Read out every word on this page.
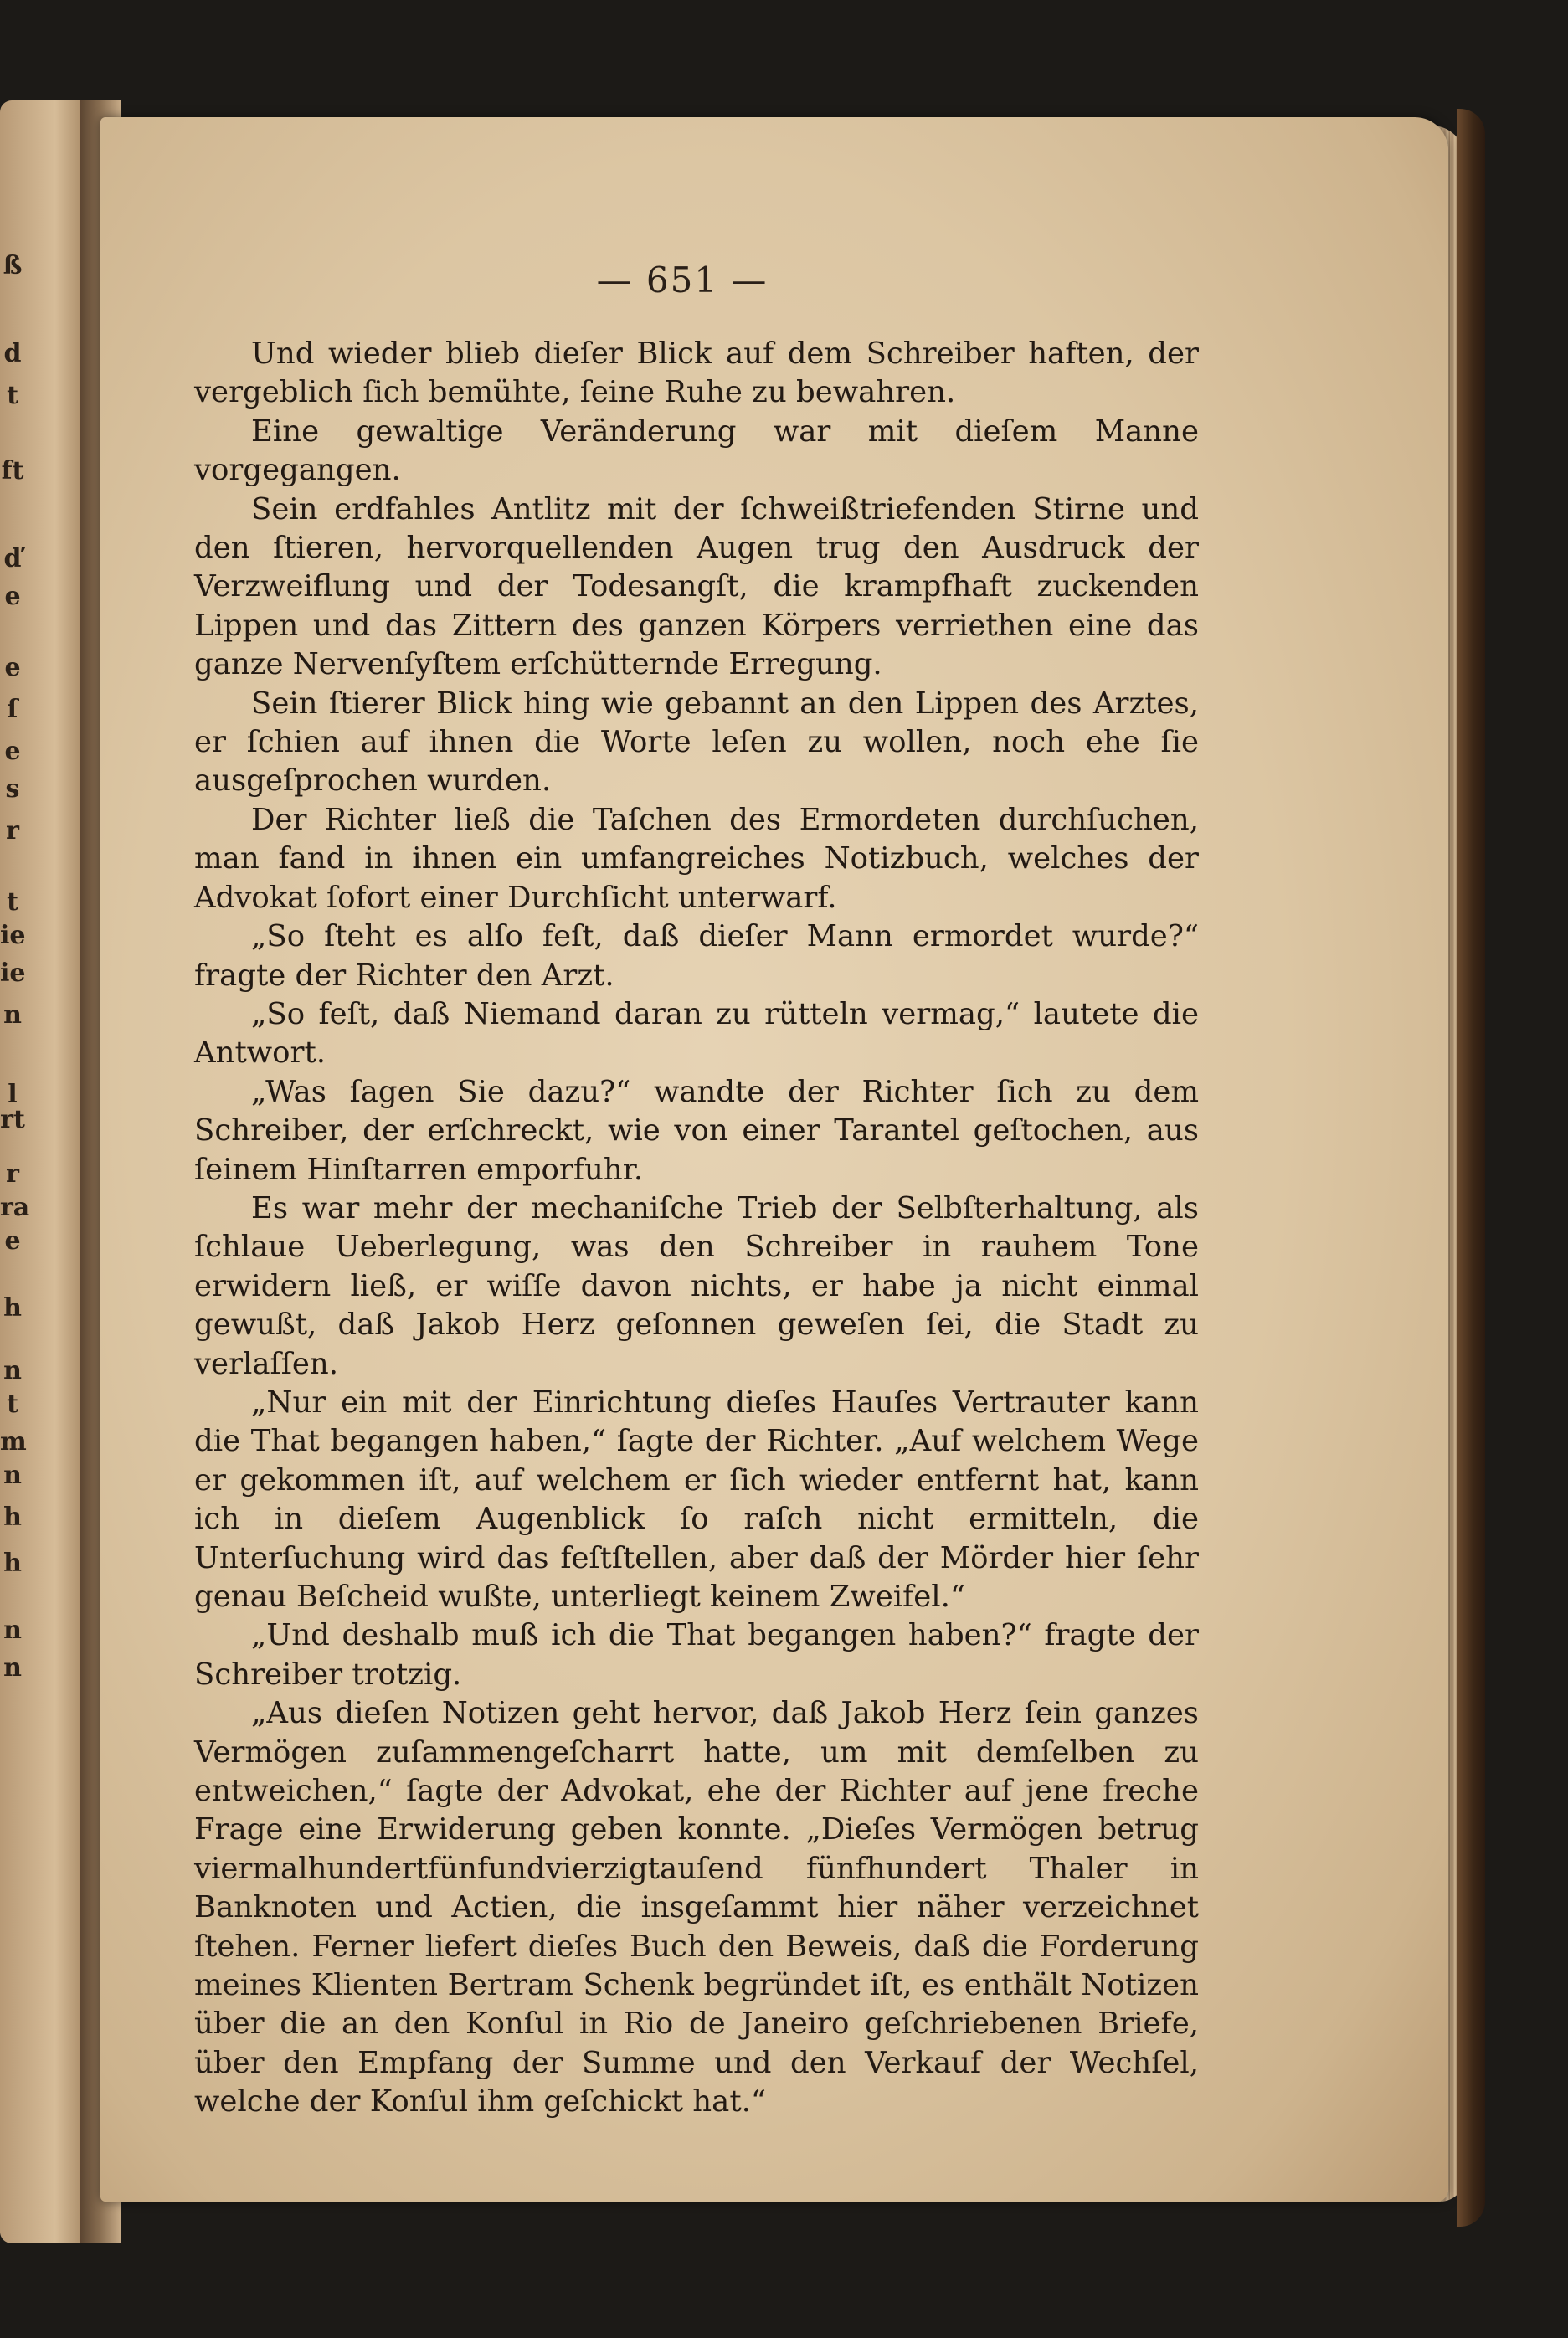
ß
d
t
ft
ď
e
e
ſ
e
s
r
t
ie
ie
n
l
rt
r
ra
e
h
n
t
m
n
h
h
n
n
— 651 —

Und wieder blieb dieſer Blick auf dem Schreiber haften, der vergeblich ſich bemühte, ſeine Ruhe zu bewahren.

Eine gewaltige Veränderung war mit dieſem Manne vorgegangen.

Sein erdfahles Antlitz mit der ſchweißtriefenden Stirne und den ſtieren, hervorquellenden Augen trug den Ausdruck der Verzweiflung und der Todesangſt, die krampfhaft zuckenden Lippen und das Zittern des ganzen Körpers verriethen eine das ganze Nervenſyſtem erſchütternde Erregung.

Sein ſtierer Blick hing wie gebannt an den Lippen des Arztes, er ſchien auf ihnen die Worte leſen zu wollen, noch ehe ſie ausgeſprochen wurden.

Der Richter ließ die Taſchen des Ermordeten durchſuchen, man fand in ihnen ein umfangreiches Notizbuch, welches der Advokat ſofort einer Durchſicht unterwarf.

„So ſteht es alſo feſt, daß dieſer Mann ermordet wurde?“ fragte der Richter den Arzt.

„So feſt, daß Niemand daran zu rütteln vermag,“ lautete die Antwort.

„Was ſagen Sie dazu?“ wandte der Richter ſich zu dem Schreiber, der erſchreckt, wie von einer Tarantel geſtochen, aus ſeinem Hinſtarren emporfuhr.

Es war mehr der mechaniſche Trieb der Selbſterhaltung, als ſchlaue Ueberlegung, was den Schreiber in rauhem Tone erwidern ließ, er wiſſe davon nichts, er habe ja nicht einmal gewußt, daß Jakob Herz geſonnen geweſen ſei, die Stadt zu verlaſſen.

„Nur ein mit der Einrichtung dieſes Hauſes Vertrauter kann die That begangen haben,“ ſagte der Richter. „Auf welchem Wege er gekommen iſt, auf welchem er ſich wieder entfernt hat, kann ich in dieſem Augenblick ſo raſch nicht ermitteln, die Unterſuchung wird das feſtſtellen, aber daß der Mörder hier ſehr genau Beſcheid wußte, unterliegt keinem Zweifel.“

„Und deshalb muß ich die That begangen haben?“ fragte der Schreiber trotzig.

„Aus dieſen Notizen geht hervor, daß Jakob Herz ſein ganzes Vermögen zuſammengeſcharrt hatte, um mit demſelben zu entweichen,“ ſagte der Advokat, ehe der Richter auf jene freche Frage eine Erwiderung geben konnte. „Dieſes Vermögen betrug viermalhundertfünfundvierzigtauſend fünfhundert Thaler in Banknoten und Actien, die insgeſammt hier näher verzeichnet ſtehen. Ferner liefert dieſes Buch den Beweis, daß die Forderung meines Klienten Bertram Schenk begründet iſt, es enthält Notizen über die an den Konſul in Rio de Janeiro geſchriebenen Briefe, über den Empfang der Summe und den Verkauf der Wechſel, welche der Konſul ihm geſchickt hat.“
